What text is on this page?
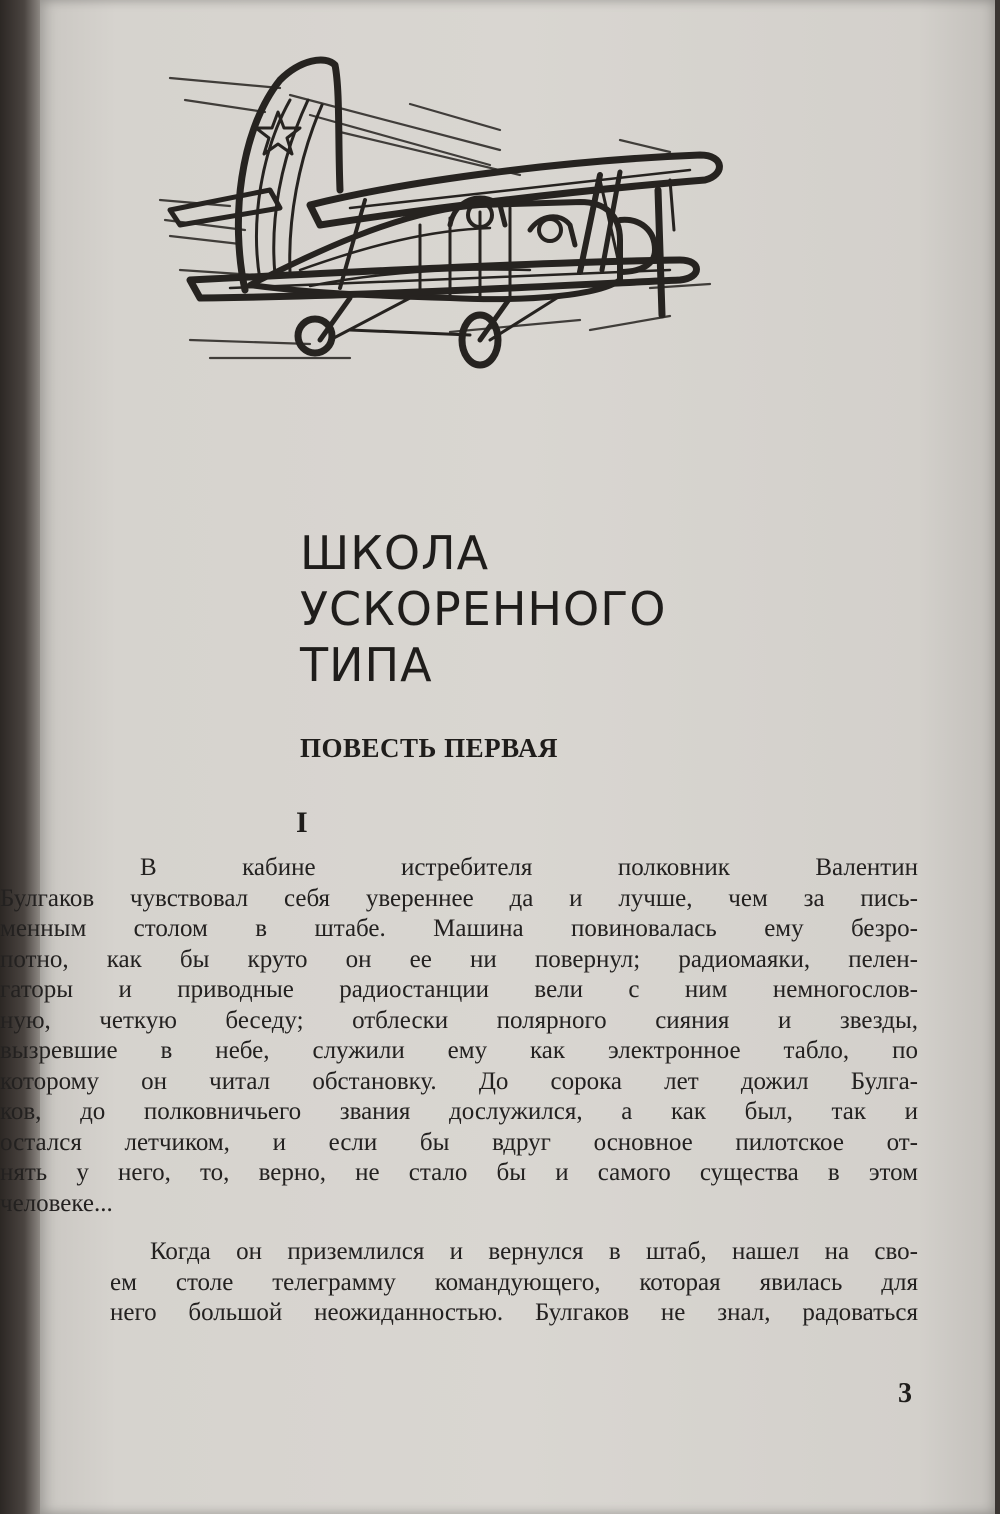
ШКОЛА
УСКОРЕННОГО
ТИПА
ПОВЕСТЬ ПЕРВАЯ
I

В кабине истребителя полковник Валентин
Булгаков чувствовал себя увереннее да и лучше, чем за пись-
менным столом в штабе. Машина повиновалась ему безро-
потно, как бы круто он ее ни повернул; радиомаяки, пелен-
гаторы и приводные радиостанции вели с ним немногослов-
ную, четкую беседу; отблески полярного сияния и звезды,
вызревшие в небе, служили ему как электронное табло, по
которому он читал обстановку. До сорока лет дожил Булга-
ков, до полковничьего звания дослужился, а как был, так и
остался летчиком, и если бы вдруг основное пилотское от-
нять у него, то, верно, не стало бы и самого существа в этом
человеке...

Когда он приземлился и вернулся в штаб, нашел на сво-
ем столе телеграмму командующего, которая явилась для
него большой неожиданностью. Булгаков не знал, радоваться

3
